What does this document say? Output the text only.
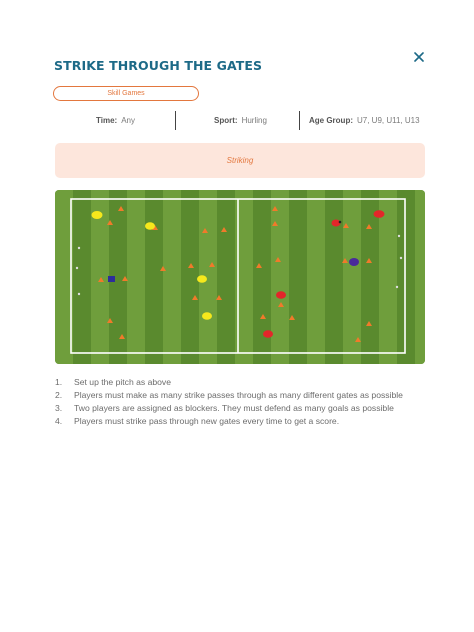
STRIKE THROUGH THE GATES
Skill Games
Time: Any	Sport: Hurling	Age Group: U7, U9, U11, U13
Striking
1.	Set up the pitch as above
2.	Players must make as many strike passes through as many different gates as possible
3.	Two players are assigned as blockers. They must defend as many goals as possible
4.	Players must strike pass through new gates every time to get a score.
